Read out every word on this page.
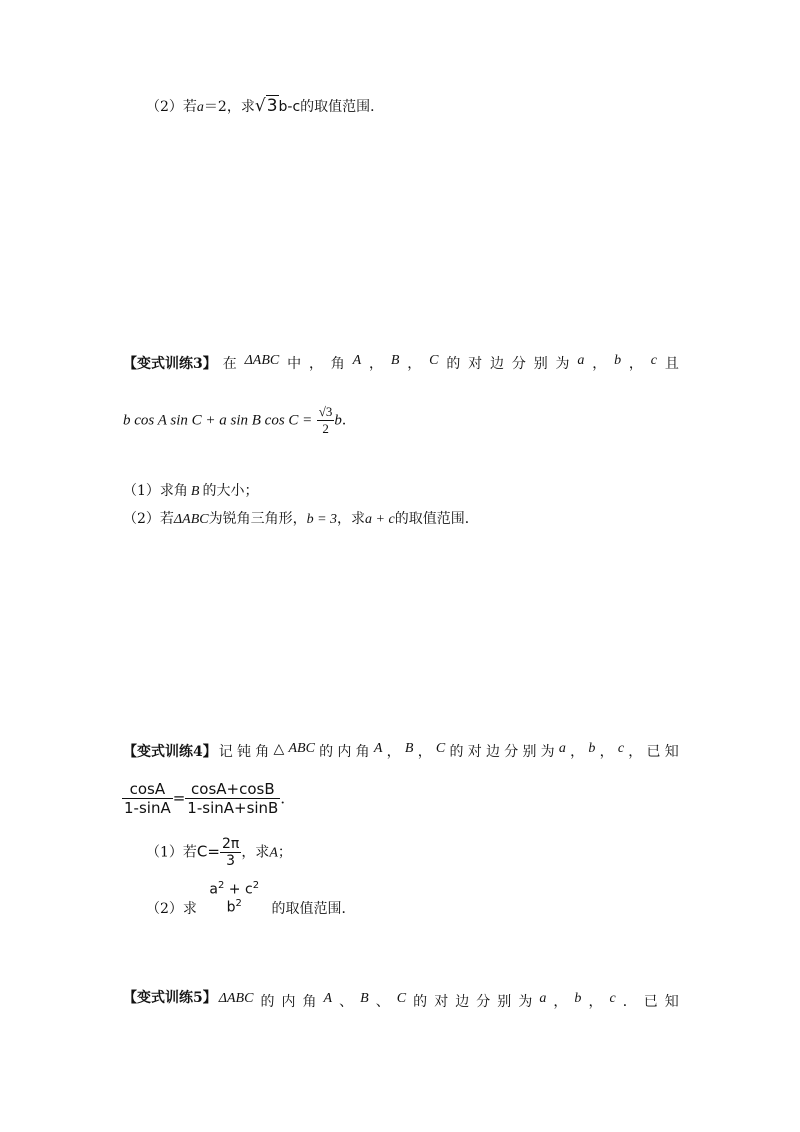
（2）若a＝2，求√3b-c的取值范围．
【变式训练3】 在 ΔABC 中 ， 角 A ， B ， C 的 对 边 分 别 为 a ， b ， c 且
b cos A sin C + a sin B $\cos C = \frac{√3}{2}$ b．
（1）求角 B 的大小；
（2）若ΔABC为锐角三角形，b = 3，求a + c的取值范围．
【变式训练4】 记 钝 角 △ ABC 的 内 角 A ， B ， C 的 对 边 分 别 为 a ， b ， c ， 已 知
$\frac{\cos A}{1-\sin A} = \frac{\cos A+\cos B}{1-\sin A+\sin B}$ ．
（1）若$C= \frac{2\pi}{3}$ ，求A；
（2）求
$a^2 + c^2$
$b^2$	的取值范围．
【变式训练5】 ΔABC 的 内 角 A 、 B 、 C 的 对 边 分 别 为 a ， b ， c ． 已 知
